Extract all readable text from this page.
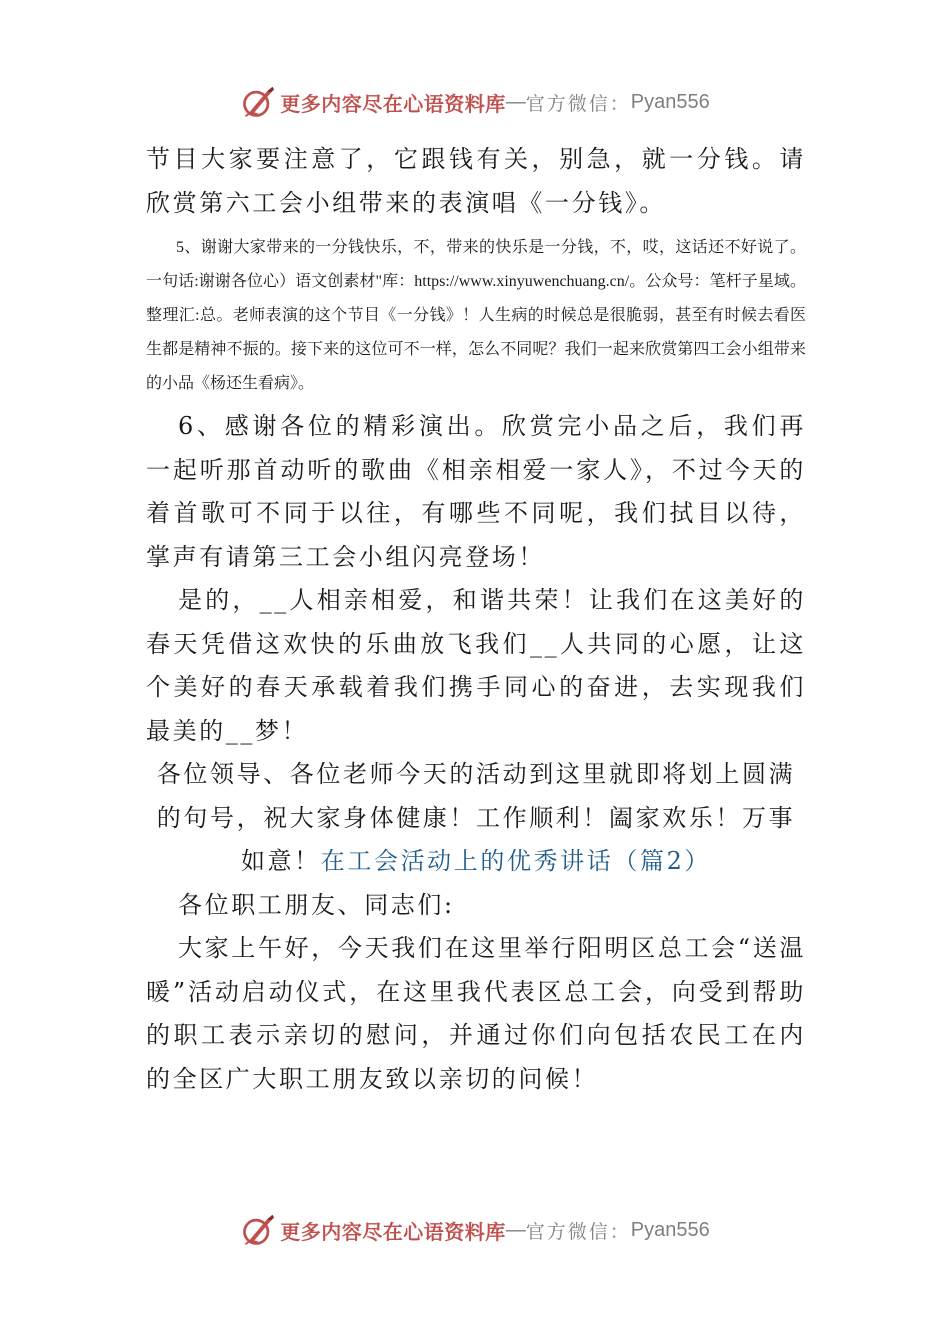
更多内容尽在心语资料库 — 官方微信： Pyan556

节目大家要注意了，它跟钱有关，别急，就一分钱。请欣赏第六工会小组带来的表演唱《一分钱》。

5、谢谢大家带来的一分钱快乐，不，带来的快乐是一分钱，不，哎，这话还不好说了。一句话:谢谢各位心）语文创素材"库：https://www.xinyuwenchuang.cn/。公众号：笔杆子星域。整理汇:总。老师表演的这个节目《一分钱》！人生病的时候总是很脆弱，甚至有时候去看医生都是精神不振的。接下来的这位可不一样，怎么不同呢？我们一起来欣赏第四工会小组带来的小品《杨还生看病》。

6、感谢各位的精彩演出。欣赏完小品之后，我们再一起听那首动听的歌曲《相亲相爱一家人》，不过今天的着首歌可不同于以往，有哪些不同呢，我们拭目以待，掌声有请第三工会小组闪亮登场！

是的，__人相亲相爱，和谐共荣！让我们在这美好的春天凭借这欢快的乐曲放飞我们__人共同的心愿，让这个美好的春天承载着我们携手同心的奋进，去实现我们最美的__梦！

各位领导、各位老师今天的活动到这里就即将划上圆满的句号，祝大家身体健康！工作顺利！阖家欢乐！万事如意！在工会活动上的优秀讲话（篇2）

各位职工朋友、同志们:

大家上午好，今天我们在这里举行阳明区总工会“送温暖”活动启动仪式，在这里我代表区总工会，向受到帮助的职工表示亲切的慰问，并通过你们向包括农民工在内的全区广大职工朋友致以亲切的问候！

更多内容尽在心语资料库 — 官方微信： Pyan556
